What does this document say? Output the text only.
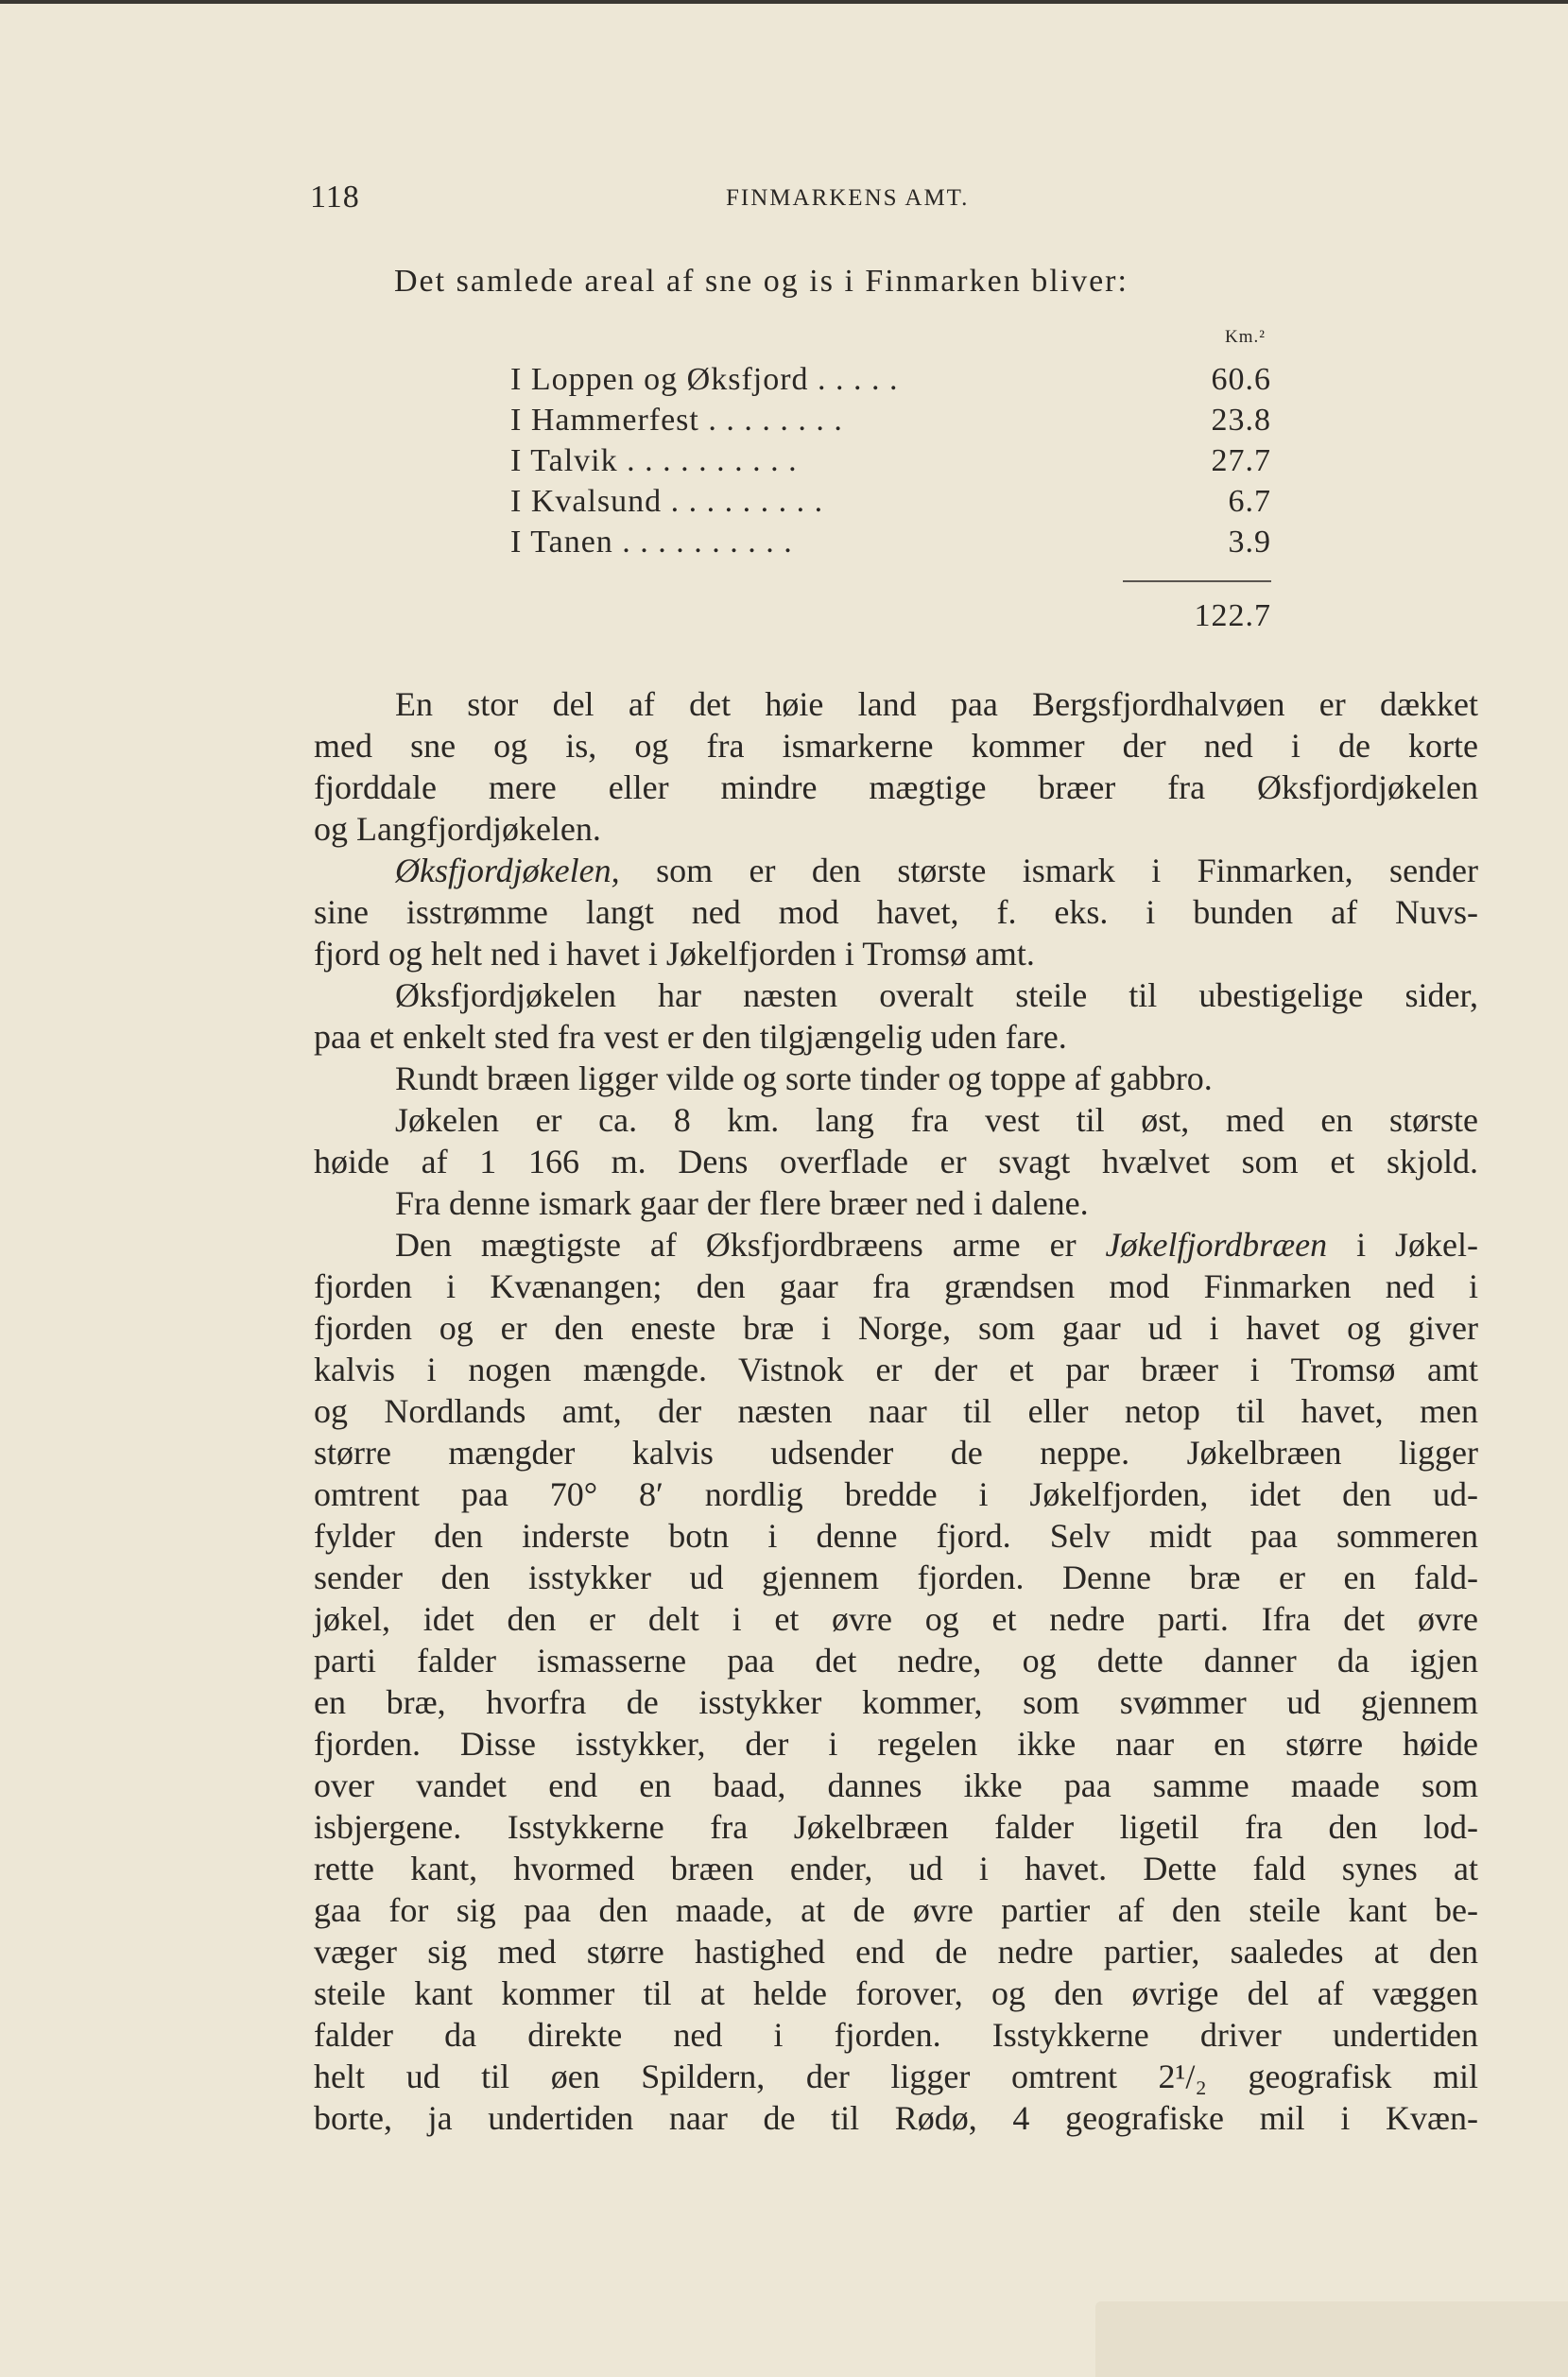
118	FINMARKENS AMT.
Det samlede areal af sne og is i Finmarken bliver:
Km.²
I Loppen og Øksfjord . . . . .	60.6
I Hammerfest . . . . . . . .	23.8
I Talvik . . . . . . . . . .	27.7
I Kvalsund . . . . . . . . .	6.7
I Tanen . . . . . . . . . .	3.9
122.7
En stor del af det høie land paa Bergsfjordhalvøen er dækket
med sne og is, og fra ismarkerne kommer der ned i de korte
fjorddale mere eller mindre mægtige bræer fra Øksfjordjøkelen
og Langfjordjøkelen.
Øksfjordjøkelen, som er den største ismark i Finmarken, sender
sine isstrømme langt ned mod havet, f. eks. i bunden af Nuvs-
fjord og helt ned i havet i Jøkelfjorden i Tromsø amt.
Øksfjordjøkelen har næsten overalt steile til ubestigelige sider,
paa et enkelt sted fra vest er den tilgjængelig uden fare.
Rundt bræen ligger vilde og sorte tinder og toppe af gabbro.
Jøkelen er ca. 8 km. lang fra vest til øst, med en største
høide af 1 166 m. Dens overflade er svagt hvælvet som et skjold.
Fra denne ismark gaar der flere bræer ned i dalene.
Den mægtigste af Øksfjordbræens arme er Jøkelfjordbræen i Jøkel-
fjorden i Kvænangen; den gaar fra grændsen mod Finmarken ned i
fjorden og er den eneste bræ i Norge, som gaar ud i havet og giver
kalvis i nogen mængde. Vistnok er der et par bræer i Tromsø amt
og Nordlands amt, der næsten naar til eller netop til havet, men
større mængder kalvis udsender de neppe. Jøkelbræen ligger
omtrent paa 70° 8′ nordlig bredde i Jøkelfjorden, idet den ud-
fylder den inderste botn i denne fjord. Selv midt paa sommeren
sender den isstykker ud gjennem fjorden. Denne bræ er en fald-
jøkel, idet den er delt i et øvre og et nedre parti. Ifra det øvre
parti falder ismasserne paa det nedre, og dette danner da igjen
en bræ, hvorfra de isstykker kommer, som svømmer ud gjennem
fjorden. Disse isstykker, der i regelen ikke naar en større høide
over vandet end en baad, dannes ikke paa samme maade som
isbjergene. Isstykkerne fra Jøkelbræen falder ligetil fra den lod-
rette kant, hvormed bræen ender, ud i havet. Dette fald synes at
gaa for sig paa den maade, at de øvre partier af den steile kant be-
væger sig med større hastighed end de nedre partier, saaledes at den
steile kant kommer til at helde forover, og den øvrige del af væggen
falder da direkte ned i fjorden. Isstykkerne driver undertiden
helt ud til øen Spildern, der ligger omtrent 2¹/₂ geografisk mil
borte, ja undertiden naar de til Rødø, 4 geografiske mil i Kvæn-
